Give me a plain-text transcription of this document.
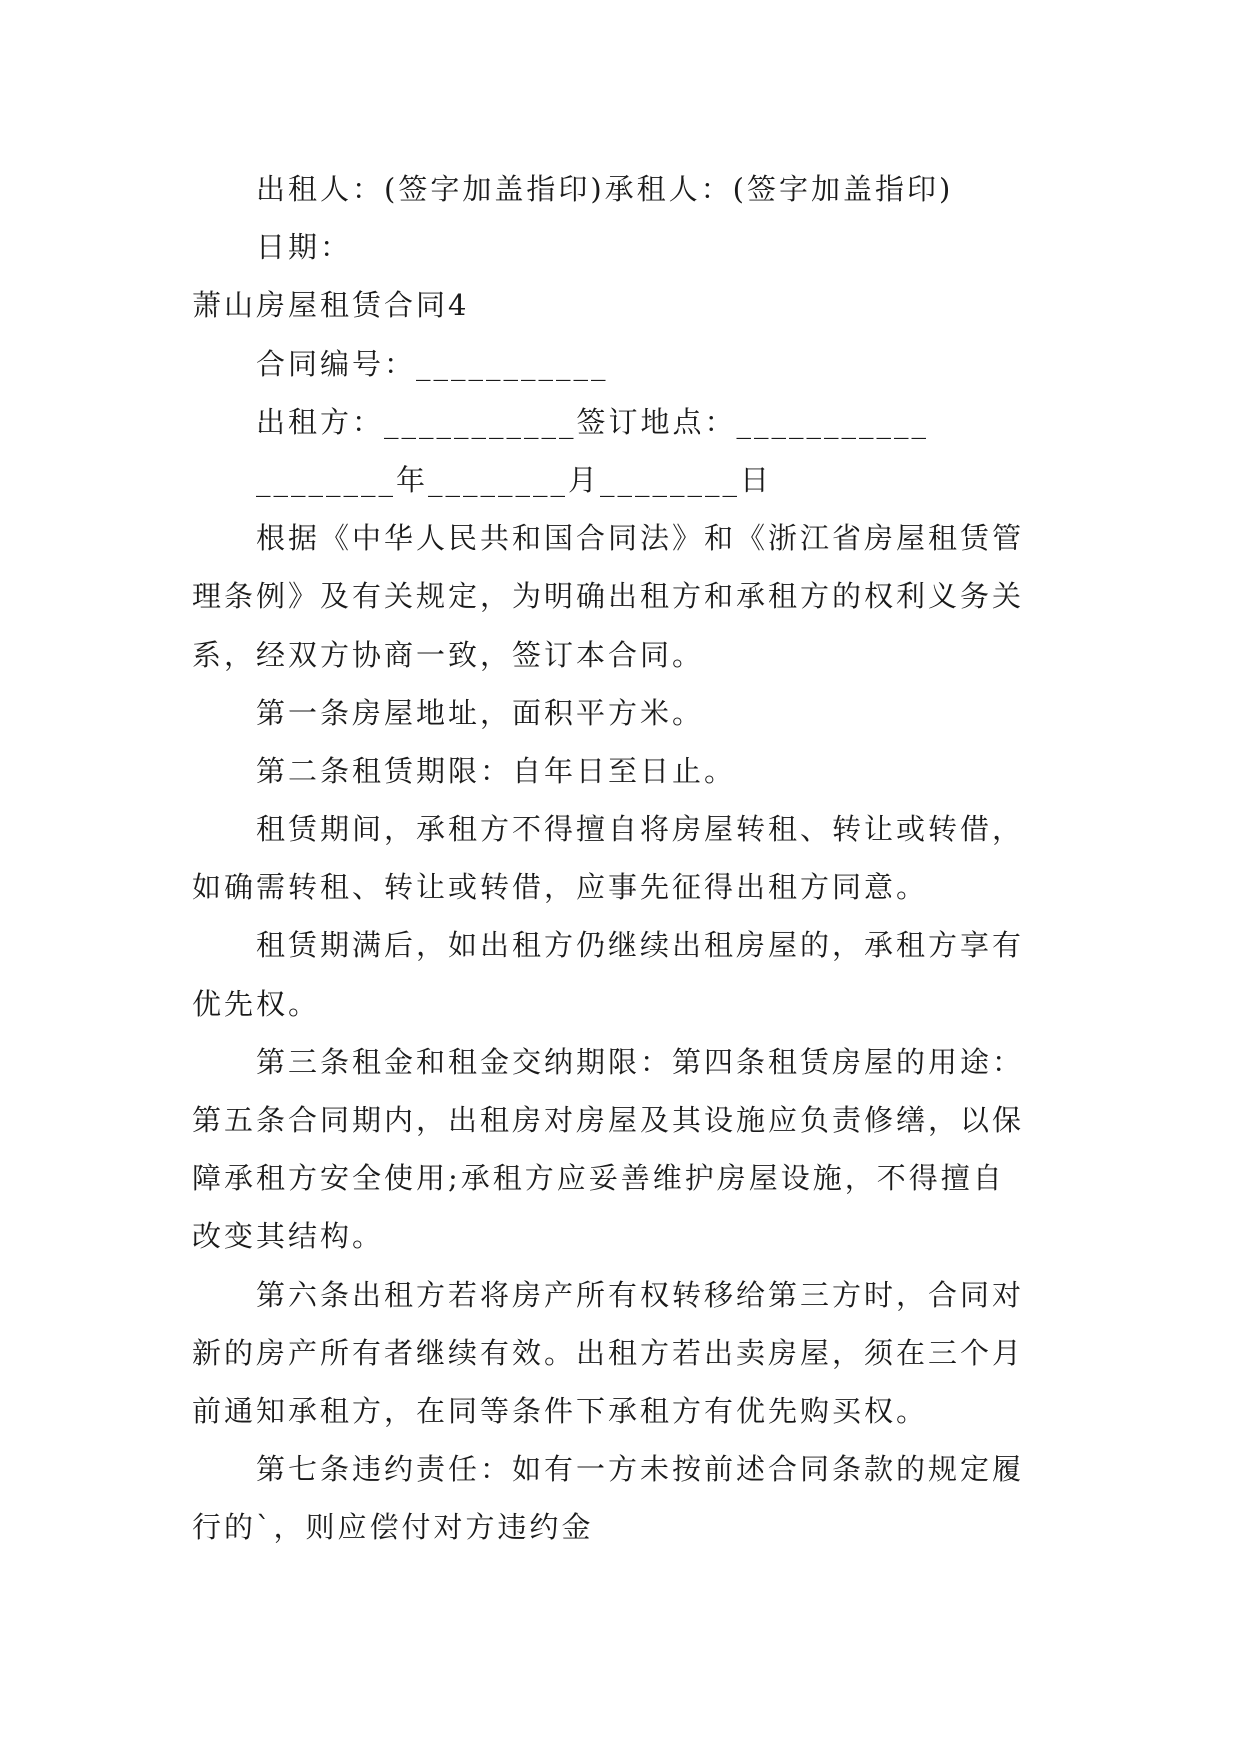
出租人：(签字加盖指印)承租人：(签字加盖指印)
日期：
萧山房屋租赁合同4
合同编号：___________
出租方：___________签订地点：___________
________年________月________日
根据《中华人民共和国合同法》和《浙江省房屋租赁管
理条例》及有关规定，为明确出租方和承租方的权利义务关
系，经双方协商一致，签订本合同。
第一条房屋地址，面积平方米。
第二条租赁期限：自年日至日止。
租赁期间，承租方不得擅自将房屋转租、转让或转借，
如确需转租、转让或转借，应事先征得出租方同意。
租赁期满后，如出租方仍继续出租房屋的，承租方享有
优先权。
第三条租金和租金交纳期限：第四条租赁房屋的用途：
第五条合同期内，出租房对房屋及其设施应负责修缮，以保
障承租方安全使用;承租方应妥善维护房屋设施，不得擅自
改变其结构。
第六条出租方若将房产所有权转移给第三方时，合同对
新的房产所有者继续有效。出租方若出卖房屋，须在三个月
前通知承租方，在同等条件下承租方有优先购买权。
第七条违约责任：如有一方未按前述合同条款的规定履
行的`，则应偿付对方违约金
